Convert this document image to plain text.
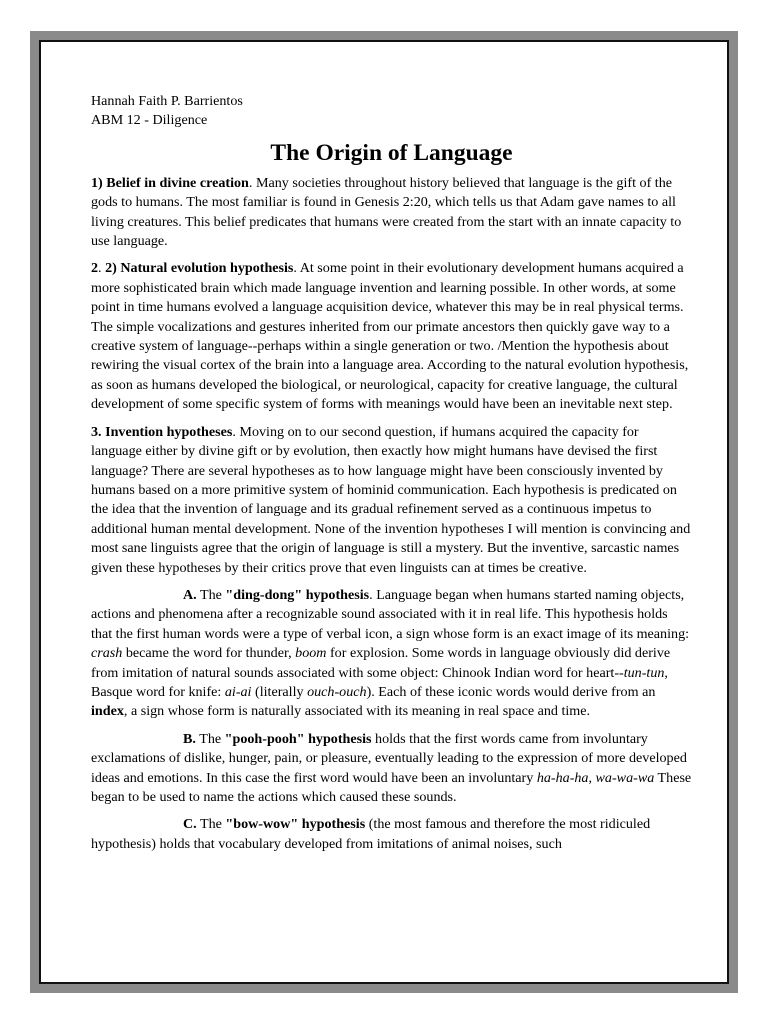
Hannah Faith P. Barrientos

ABM 12 - Diligence

The Origin of Language

1) Belief in divine creation. Many societies throughout history believed that language is the gift of the gods to humans. The most familiar is found in Genesis 2:20, which tells us that Adam gave names to all living creatures. This belief predicates that humans were created from the start with an innate capacity to use language.

2. 2) Natural evolution hypothesis. At some point in their evolutionary development humans acquired a more sophisticated brain which made language invention and learning possible. In other words, at some point in time humans evolved a language acquisition device, whatever this may be in real physical terms. The simple vocalizations and gestures inherited from our primate ancestors then quickly gave way to a creative system of language--perhaps within a single generation or two. /Mention the hypothesis about rewiring the visual cortex of the brain into a language area. According to the natural evolution hypothesis, as soon as humans developed the biological, or neurological, capacity for creative language, the cultural development of some specific system of forms with meanings would have been an inevitable next step.

3. Invention hypotheses. Moving on to our second question, if humans acquired the capacity for language either by divine gift or by evolution, then exactly how might humans have devised the first language? There are several hypotheses as to how language might have been consciously invented by humans based on a more primitive system of hominid communication. Each hypothesis is predicated on the idea that the invention of language and its gradual refinement served as a continuous impetus to additional human mental development. None of the invention hypotheses I will mention is convincing and most sane linguists agree that the origin of language is still a mystery. But the inventive, sarcastic names given these hypotheses by their critics prove that even linguists can at times be creative.

A. The "ding-dong" hypothesis. Language began when humans started naming objects, actions and phenomena after a recognizable sound associated with it in real life. This hypothesis holds that the first human words were a type of verbal icon, a sign whose form is an exact image of its meaning: crash became the word for thunder, boom for explosion. Some words in language obviously did derive from imitation of natural sounds associated with some object: Chinook Indian word for heart--tun-tun, Basque word for knife: ai-ai (literally ouch-ouch). Each of these iconic words would derive from an index, a sign whose form is naturally associated with its meaning in real space and time.

B. The "pooh-pooh" hypothesis holds that the first words came from involuntary exclamations of dislike, hunger, pain, or pleasure, eventually leading to the expression of more developed ideas and emotions. In this case the first word would have been an involuntary ha-ha-ha, wa-wa-wa These began to be used to name the actions which caused these sounds.

C. The "bow-wow" hypothesis (the most famous and therefore the most ridiculed hypothesis) holds that vocabulary developed from imitations of animal noises, such
